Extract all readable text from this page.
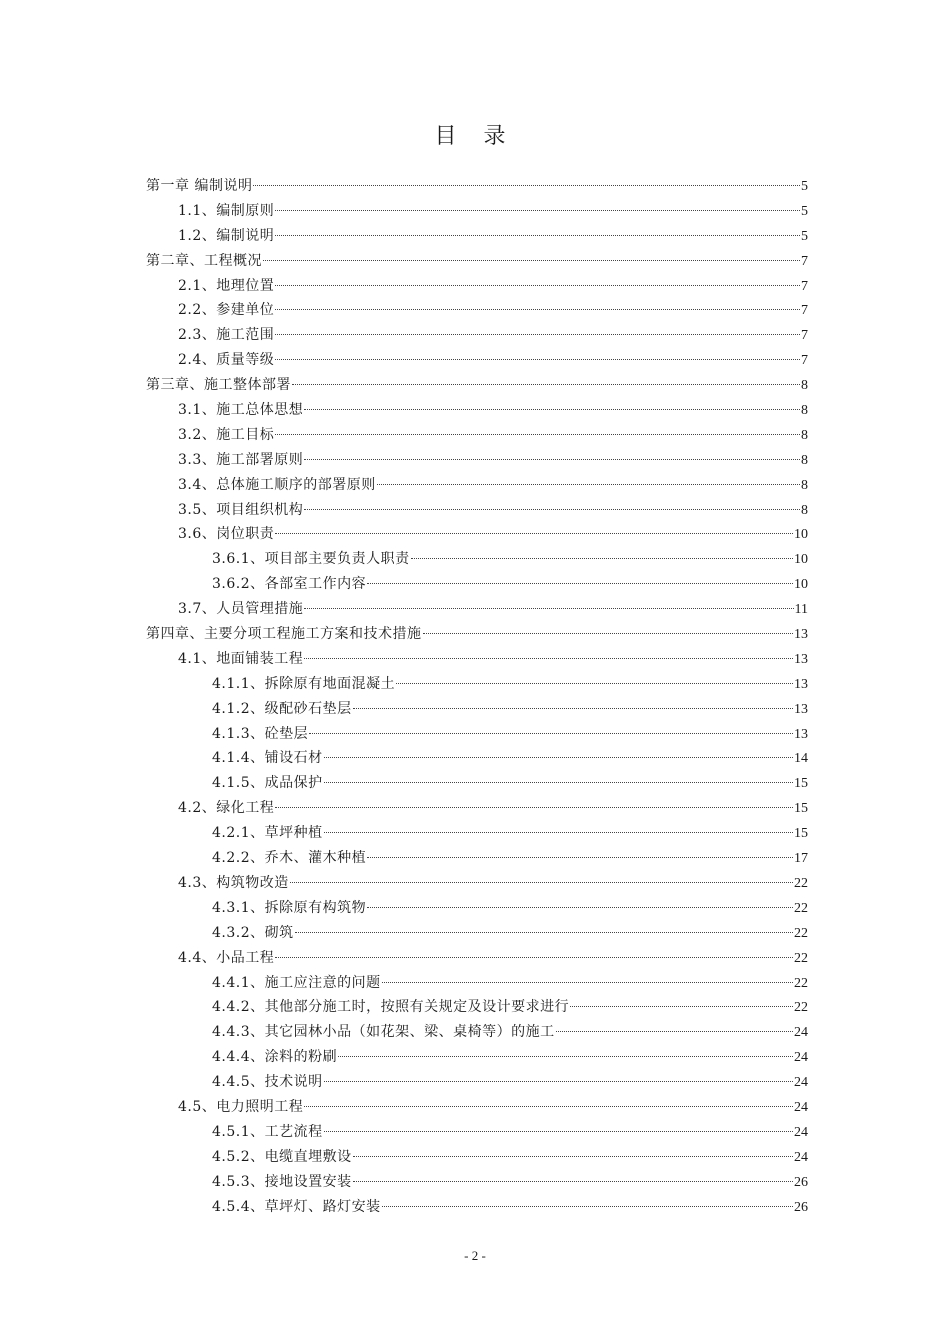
目 录
第一章 编制说明	5
1.1、编制原则	5
1.2、编制说明	5
第二章、工程概况	7
2.1、地理位置	7
2.2、参建单位	7
2.3、施工范围	7
2.4、质量等级	7
第三章、施工整体部署	8
3.1、施工总体思想	8
3.2、施工目标	8
3.3、施工部署原则	8
3.4、总体施工顺序的部署原则	8
3.5、项目组织机构	8
3.6、岗位职责	10
3.6.1、项目部主要负责人职责	10
3.6.2、各部室工作内容	10
3.7、人员管理措施	11
第四章、主要分项工程施工方案和技术措施	13
4.1、地面铺装工程	13
4.1.1、拆除原有地面混凝土	13
4.1.2、级配砂石垫层	13
4.1.3、砼垫层	13
4.1.4、铺设石材	14
4.1.5、成品保护	15
4.2、绿化工程	15
4.2.1、草坪种植	15
4.2.2、乔木、灌木种植	17
4.3、构筑物改造	22
4.3.1、拆除原有构筑物	22
4.3.2、砌筑	22
4.4、小品工程	22
4.4.1、施工应注意的问题	22
4.4.2、其他部分施工时，按照有关规定及设计要求进行	22
4.4.3、其它园林小品（如花架、梁、桌椅等）的施工	24
4.4.4、涂料的粉刷	24
4.4.5、技术说明	24
4.5、电力照明工程	24
4.5.1、工艺流程	24
4.5.2、电缆直埋敷设	24
4.5.3、接地设置安装	26
4.5.4、草坪灯、路灯安装	26
- 2 -
